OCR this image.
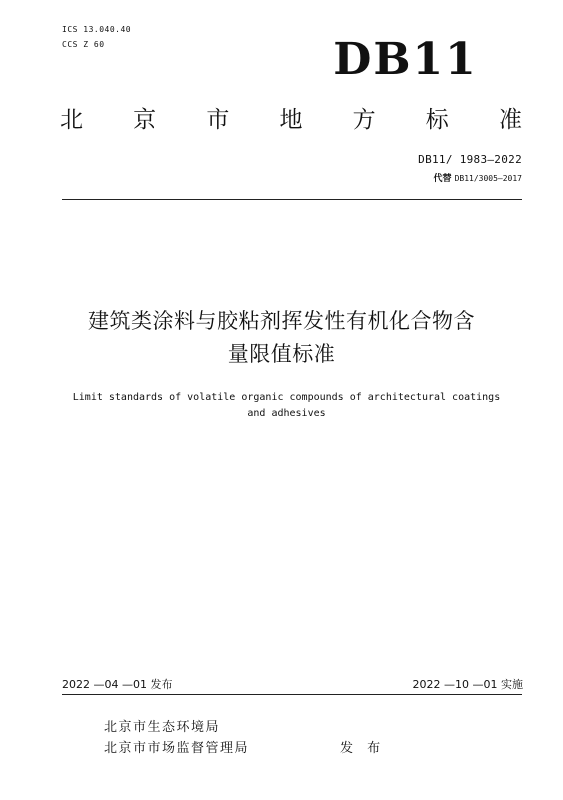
ICS 13.040.40
CCS Z 60	DB11
北 京 市 地 方 标 准
DB11/ 1983—2022
代替 DB11/3005—2017
建筑类涂料与胶粘剂挥发性有机化合物含
量限值标准
Limit standards of volatile organic compounds of architectural coatings
and adhesives
2022 —04 —01 发布	2022 —10 —01 实施
北京市生态环境局
北京市市场监督管理局	发 布
